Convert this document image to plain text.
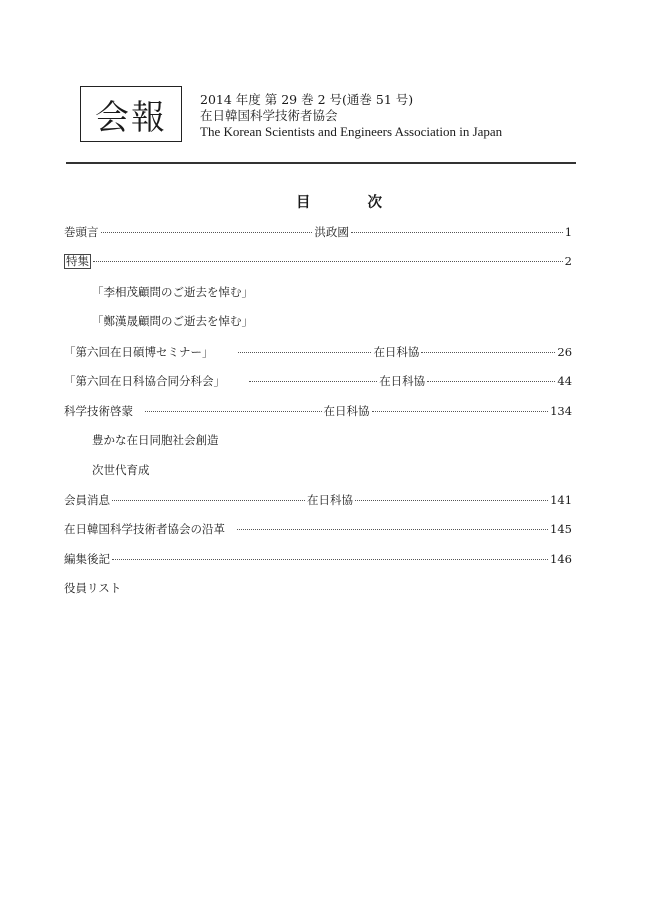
会報	2014 年度 第 29 巻 2 号(通巻 51 号)
在日韓国科学技術者協会
The Korean Scientists and Engineers Association in Japan
目 次
巻頭言	洪政國	1
特集	2
「李相茂顧問のご逝去を悼む」
「鄭漢晟顧問のご逝去を悼む」
「第六回在日碩博セミナー」	在日科協	26
「第六回在日科協合同分科会」	在日科協	44
科学技術啓蒙	在日科協	134
豊かな在日同胞社会創造
次世代育成
会員消息	在日科協	141
在日韓国科学技術者協会の沿革	145
編集後記	146
役員リスト
